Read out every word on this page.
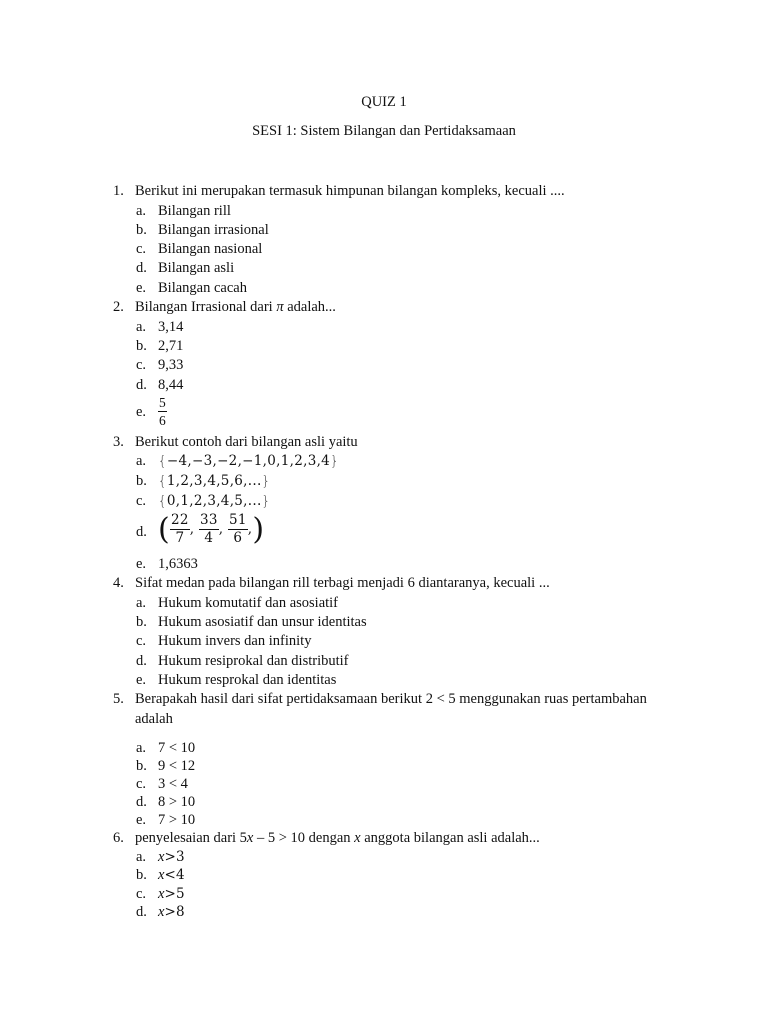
QUIZ 1
SESI 1: Sistem Bilangan dan Pertidaksamaan
1. Berikut ini merupakan termasuk himpunan bilangan kompleks, kecuali ....
a. Bilangan rill
b. Bilangan irrasional
c. Bilangan nasional
d. Bilangan asli
e. Bilangan cacah
2. Bilangan Irrasional dari π adalah...
a. 3,14
b. 2,71
c. 9,33
d. 8,44
e. $\frac{5}{6}$
3. Berikut contoh dari bilangan asli yaitu
a. {−4,−3,−2,−1,0,1,2,3,4}
b. {1,2,3,4,5,6,...}
c. {0,1,2,3,4,5,...}
d. ( $\frac{22}{7}$ , $\frac{33}{4}$ , $\frac{51}{6}$ , )
e. 1,6363
4. Sifat medan pada bilangan rill terbagi menjadi 6 diantaranya, kecuali ...
a. Hukum komutatif dan asosiatif
b. Hukum asosiatif dan unsur identitas
c. Hukum invers dan infinity
d. Hukum resiprokal dan distributif
e. Hukum resprokal dan identitas
5. Berapakah hasil dari sifat pertidaksamaan berikut 2 < 5 menggunakan ruas pertambahan
adalah
a. 7 < 10
b. 9 < 12
c. 3 < 4
d. 8 > 10
e. 7 > 10
6. penyelesaian dari 5x – 5 > 10 dengan x anggota bilangan asli adalah...
a. x>3
b. x<4
c. x>5
d. x>8
